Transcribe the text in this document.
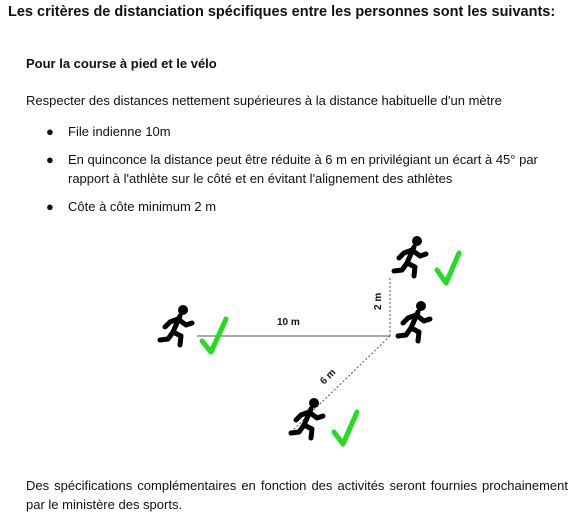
Les critères de distanciation spécifiques entre les personnes sont les suivants:

Pour la course à pied et le vélo

Respecter des distances nettement supérieures à la distance habituelle d'un mètre

● File indienne 10m
● En quinconce la distance peut être réduite à 6 m en privilégiant un écart à 45° par rapport à l'athlète sur le côté et en évitant l'alignement des athlètes
● Côte à côte minimum 2 m
10 m
2 m
6 m

Des spécifications complémentaires en fonction des activités seront fournies prochainement par le ministère des sports.
